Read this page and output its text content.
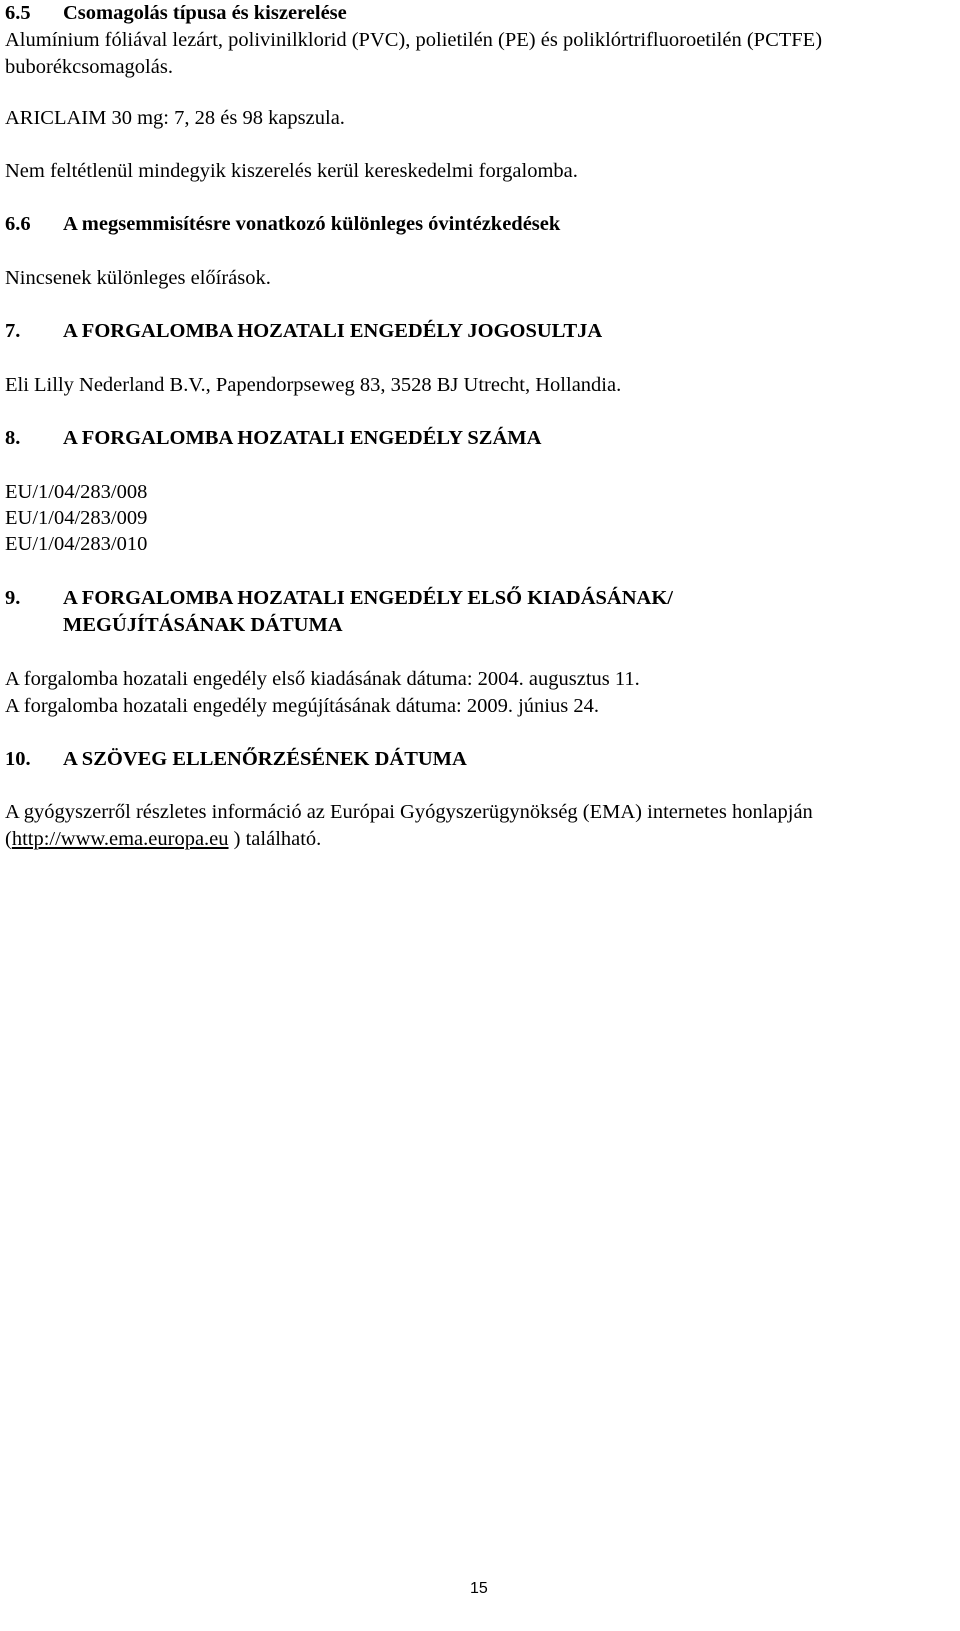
6.5 Csomagolás típusa és kiszerelése
Alumínium fóliával lezárt, polivinilklorid (PVC), polietilén (PE) és poliklórtrifluoroetilén (PCTFE)
buborékcsomagolás.
ARICLAIM 30 mg: 7, 28 és 98 kapszula.
Nem feltétlenül mindegyik kiszerelés kerül kereskedelmi forgalomba.
6.6 A megsemmisítésre vonatkozó különleges óvintézkedések
Nincsenek különleges előírások.
7. A FORGALOMBA HOZATALI ENGEDÉLY JOGOSULTJA
Eli Lilly Nederland B.V., Papendorpseweg 83, 3528 BJ Utrecht, Hollandia.
8. A FORGALOMBA HOZATALI ENGEDÉLY SZÁMA
EU/1/04/283/008
EU/1/04/283/009
EU/1/04/283/010
9. A FORGALOMBA HOZATALI ENGEDÉLY ELSŐ KIADÁSÁNAK/
MEGÚJÍTÁSÁNAK DÁTUMA
A forgalomba hozatali engedély első kiadásának dátuma: 2004. augusztus 11.
A forgalomba hozatali engedély megújításának dátuma: 2009. június 24.
10. A SZÖVEG ELLENŐRZÉSÉNEK DÁTUMA
A gyógyszerről részletes információ az Európai Gyógyszerügynökség (EMA) internetes honlapján
(http://www.ema.europa.eu ) található.
15
